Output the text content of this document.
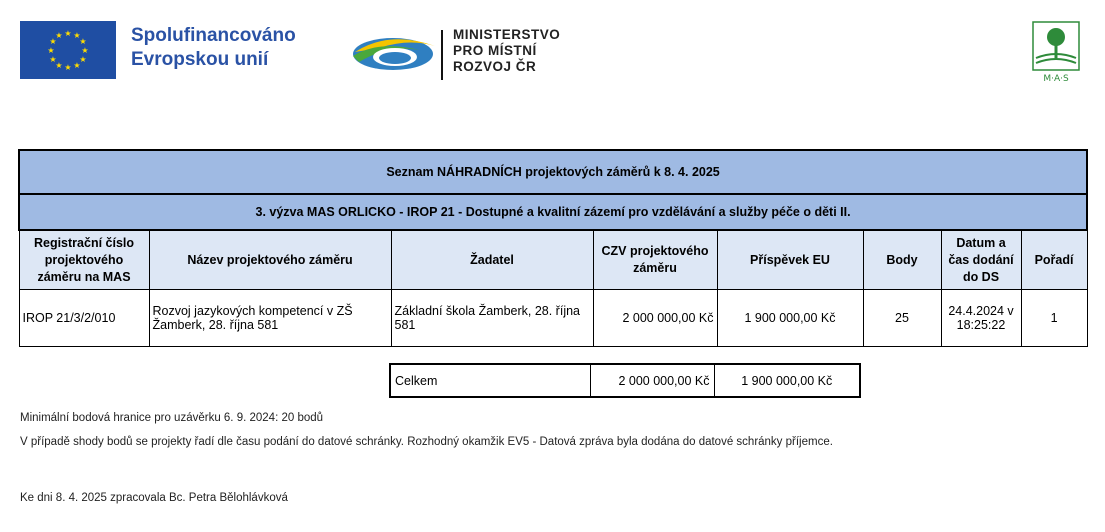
★ ★
★
★
★
★
★
★
★
★
★
★	Spolufinancováno
Evropskou unií
MINISTERSTVO
PRO MÍSTNÍ
ROZVOJ ČR
M·A·S
Seznam NÁHRADNÍCH projektových záměrů k 8. 4. 2025							
3. výzva MAS ORLICKO - IROP 21 - Dostupné a kvalitní zázemí pro vzdělávání a služby péče o děti II.							
Registrační číslo projektového záměru na MAS	Název projektového záměru	Žadatel	CZV projektového záměru	Příspěvek EU	Body	Datum a čas dodání do DS	Pořadí
IROP 21/3/2/010	Rozvoj jazykových kompetencí v ZŠ Žamberk, 28. října 581	Základní škola Žamberk, 28. října 581	2 000 000,00 Kč	1 900 000,00 Kč	25	24.4.2024 v 18:25:22	1
Celkem	2 000 000,00 Kč	1 900 000,00 Kč
Minimální bodová hranice pro uzávěrku 6. 9. 2024: 20 bodů
V případě shody bodů se projekty řadí dle času podání do datové schránky. Rozhodný okamžik EV5 - Datová zpráva byla dodána do datové schránky příjemce.
Ke dni 8. 4. 2025 zpracovala Bc. Petra Bělohlávková
